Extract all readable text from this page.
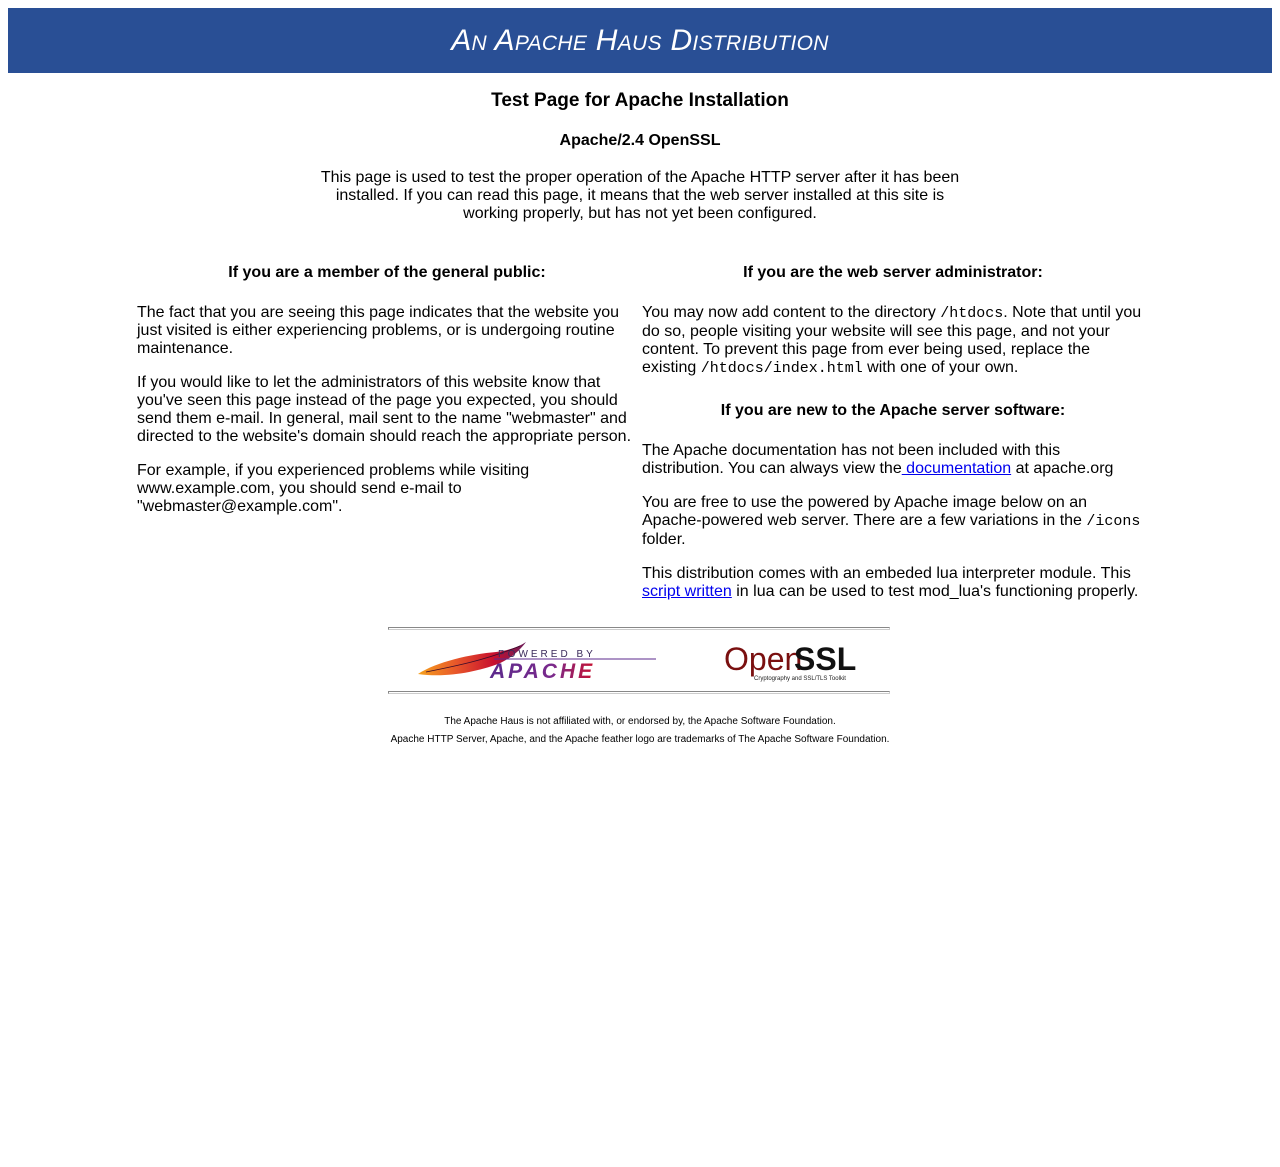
An Apache Haus Distribution
Test Page for Apache Installation
Apache/2.4 OpenSSL

This page is used to test the proper operation of the Apache HTTP server after it has been installed. If you can read this page, it means that the web server installed at this site is working properly, but has not yet been configured.

If you are a member of the general public:

The fact that you are seeing this page indicates that the website you just visited is either experiencing problems, or is undergoing routine maintenance.

If you would like to let the administrators of this website know that you've seen this page instead of the page you expected, you should send them e-mail. In general, mail sent to the name "webmaster" and directed to the website's domain should reach the appropriate person.

For example, if you experienced problems while visiting www.example.com, you should send e-mail to "webmaster@example.com".

If you are the web server administrator:

You may now add content to the directory /htdocs. Note that until you do so, people visiting your website will see this page, and not your content. To prevent this page from ever being used, replace the existing /htdocs/index.html with one of your own.

If you are new to the Apache server software:

The Apache documentation has not been included with this distribution. You can always view the documentation at apache.org

You are free to use the powered by Apache image below on an Apache-powered web server. There are a few variations in the /icons folder.

This distribution comes with an embeded lua interpreter module. This script written in lua can be used to test mod_lua's functioning properly.

POWERED BY
APACHE	Open
SSL
Cryptography and SSL/TLS Toolkit
The Apache Haus is not affiliated with, or endorsed by, the Apache Software Foundation.
Apache HTTP Server, Apache, and the Apache feather logo are trademarks of The Apache Software Foundation.
